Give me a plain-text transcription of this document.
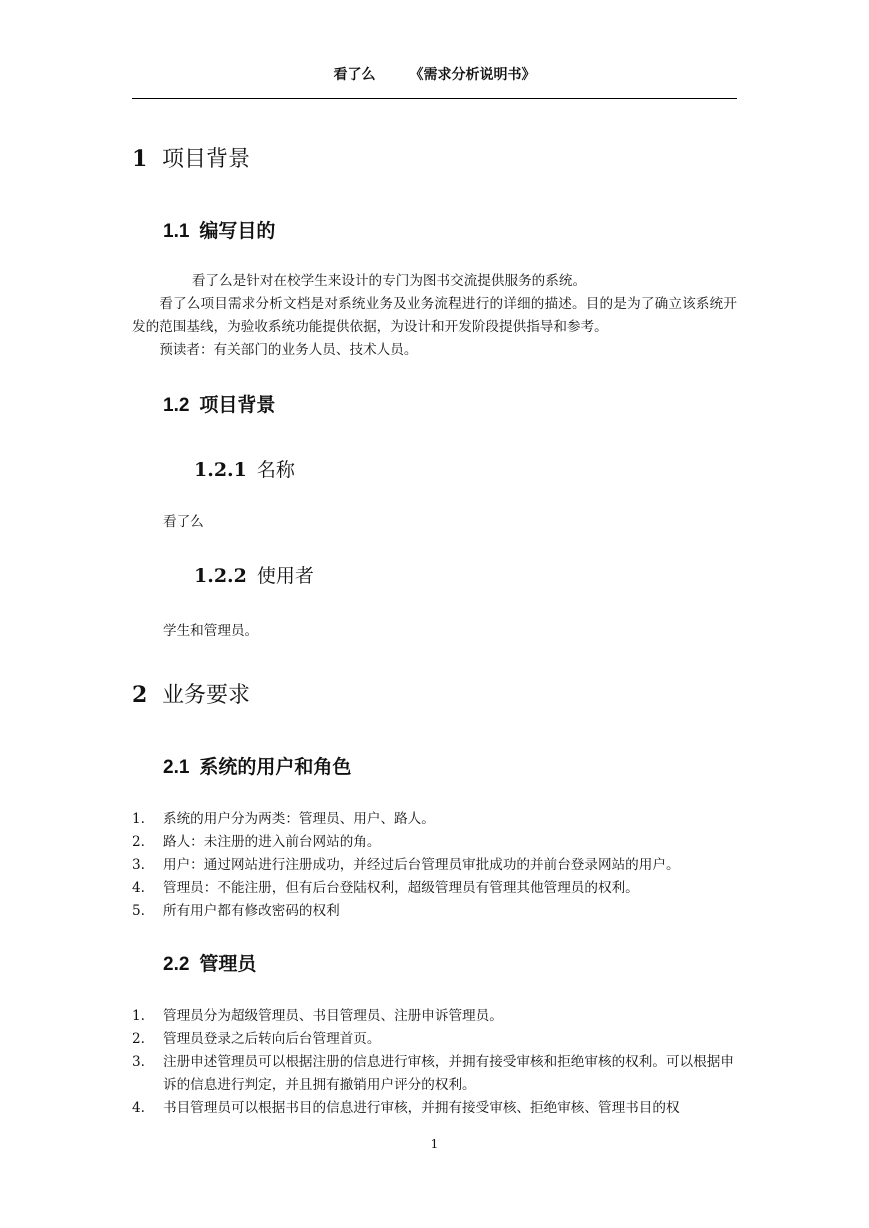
看了么 《需求分析说明书》
1 项目背景
1.1 编写目的

看了么是针对在校学生来设计的专门为图书交流提供服务的系统。

看了么项目需求分析文档是对系统业务及业务流程进行的详细的描述。目的是为了确立该系统开发的范围基线，为验收系统功能提供依据，为设计和开发阶段提供指导和参考。

预读者：有关部门的业务人员、技术人员。

1.2 项目背景
1.2.1 名称
看了么
1.2.2 使用者
学生和管理员。
2 业务要求
2.1 系统的用户和角色
1. 系统的用户分为两类：管理员、用户、路人。
2. 路人：未注册的进入前台网站的角。
3. 用户：通过网站进行注册成功，并经过后台管理员审批成功的并前台登录网站的用户。
4. 管理员：不能注册，但有后台登陆权利，超级管理员有管理其他管理员的权利。
5. 所有用户都有修改密码的权利
2.2 管理员
1. 管理员分为超级管理员、书目管理员、注册申诉管理员。
2. 管理员登录之后转向后台管理首页。
3. 注册申述管理员可以根据注册的信息进行审核，并拥有接受审核和拒绝审核的权利。可以根据申诉的信息进行判定，并且拥有撤销用户评分的权利。
4. 书目管理员可以根据书目的信息进行审核，并拥有接受审核、拒绝审核、管理书目的权
1
